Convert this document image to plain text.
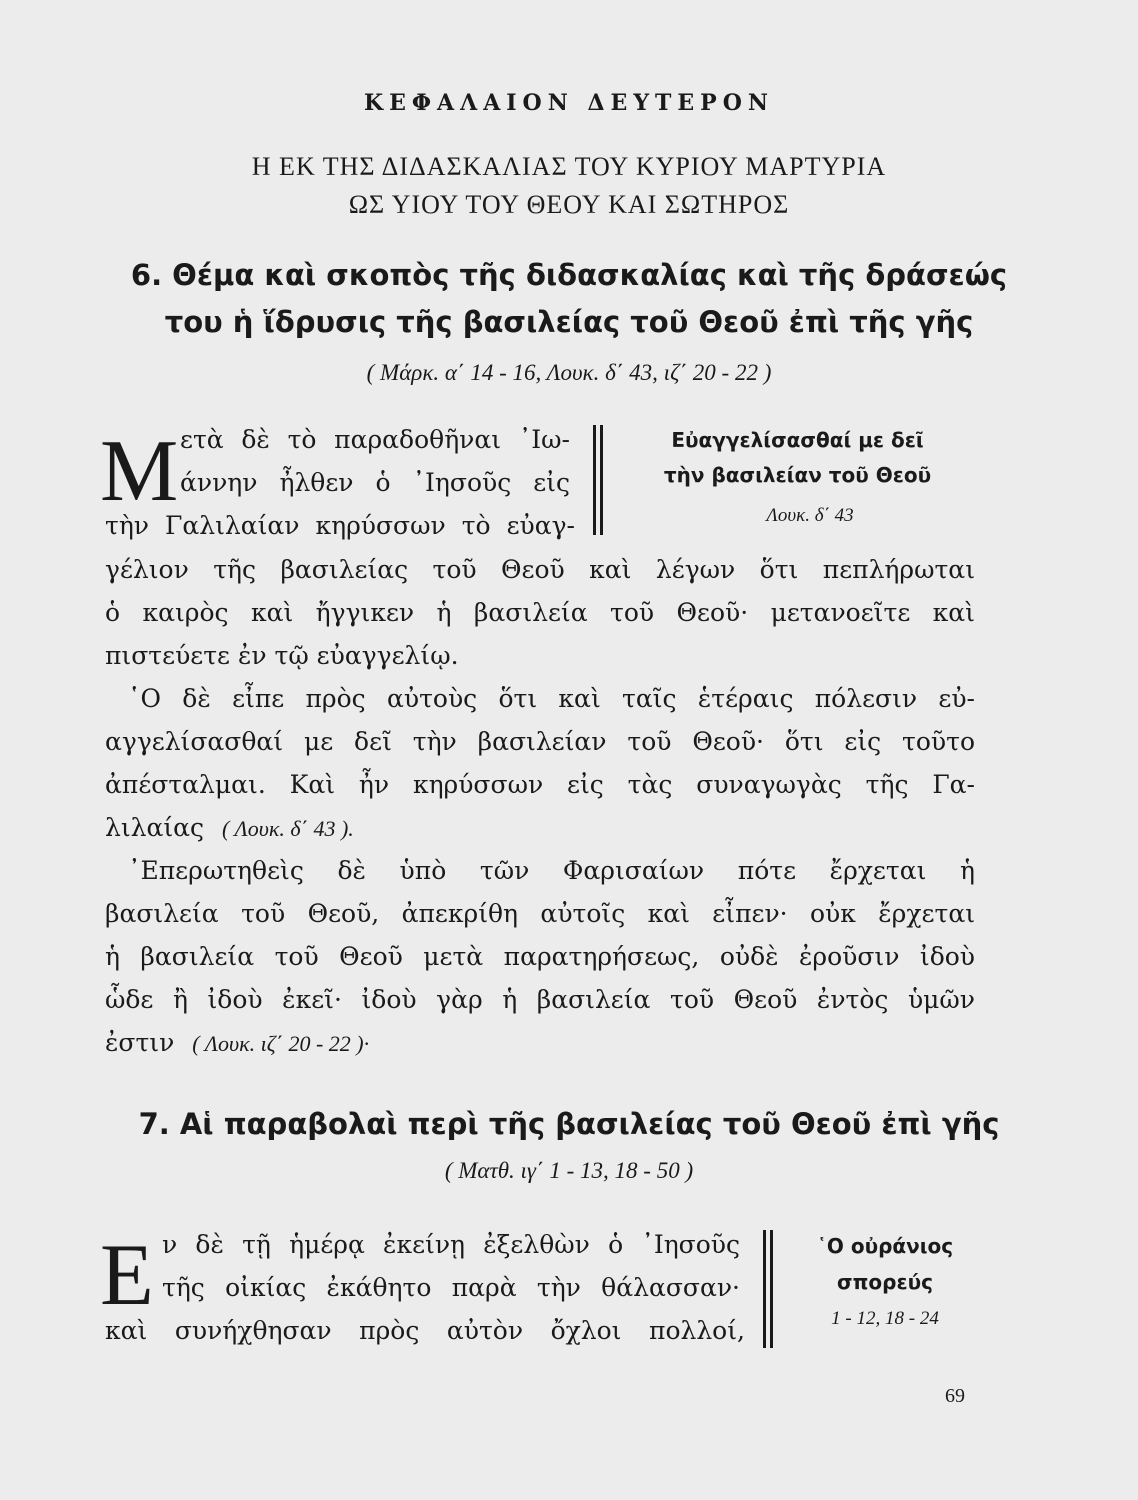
ΚΕΦΑΛΑΙΟΝ ΔΕΥΤΕΡΟΝ
Η ΕΚ ΤΗΣ ΔΙΔΑΣΚΑΛΙΑΣ ΤΟΥ ΚΥΡΙΟΥ ΜΑΡΤΥΡΙΑ
ΩΣ ΥΙΟΥ ΤΟΥ ΘΕΟΥ ΚΑΙ ΣΩΤΗΡΟΣ
6. Θέμα καὶ σκοπὸς τῆς διδασκαλίας καὶ τῆς δράσεώς
του ἡ ἵδρυσις τῆς βασιλείας τοῦ Θεοῦ ἐπὶ τῆς γῆς
( Μάρκ. α΄ 14 - 16, Λουκ. δ΄ 43, ιζ΄ 20 - 22 )
Μ ετὰ δὲ τὸ παραδοθῆναι ᾽Ιω-
άννην ἦλθεν ὁ ᾽Ιησοῦς εἰς
τὴν Γαλιλαίαν κηρύσσων τὸ εὐαγ-
Εὐαγγελίσασθαί με δεῖ
τὴν βασιλείαν τοῦ Θεοῦ
Λουκ. δ΄ 43
γέλιον τῆς βασιλείας τοῦ Θεοῦ καὶ λέγων ὅτι πεπλήρωται
ὁ καιρὸς καὶ ἤγγικεν ἡ βασιλεία τοῦ Θεοῦ· μετανοεῖτε καὶ
πιστεύετε ἐν τῷ εὐαγγελίῳ.
῾Ο δὲ εἶπε πρὸς αὐτοὺς ὅτι καὶ ταῖς ἑτέραις πόλεσιν εὐ-
αγγελίσασθαί με δεῖ τὴν βασιλείαν τοῦ Θεοῦ· ὅτι εἰς τοῦτο
ἀπέσταλμαι. Καὶ ἦν κηρύσσων εἰς τὰς συναγωγὰς τῆς Γα-
λιλαίας ( Λουκ. δ΄ 43 ).
᾽Επερωτηθεὶς δὲ ὑπὸ τῶν Φαρισαίων πότε ἔρχεται ἡ
βασιλεία τοῦ Θεοῦ, ἀπεκρίθη αὐτοῖς καὶ εἶπεν· οὐκ ἔρχεται
ἡ βασιλεία τοῦ Θεοῦ μετὰ παρατηρήσεως, οὐδὲ ἐροῦσιν ἰδοὺ
ὧδε ἢ ἰδοὺ ἐκεῖ· ἰδοὺ γὰρ ἡ βασιλεία τοῦ Θεοῦ ἐντὸς ὑμῶν
ἐστιν ( Λουκ. ιζ΄ 20 - 22 )·
7. Αἱ παραβολαὶ περὶ τῆς βασιλείας τοῦ Θεοῦ ἐπὶ γῆς
( Ματθ. ιγ΄ 1 - 13, 18 - 50 )
Ε ν δὲ τῇ ἡμέρᾳ ἐκείνῃ ἐξελθὼν ὁ ᾽Ιησοῦς
τῆς οἰκίας ἐκάθητο παρὰ τὴν θάλασσαν·
καὶ συνήχθησαν πρὸς αὐτὸν ὄχλοι πολλοί,
῾Ο οὐράνιος
σπορεύς
1 - 12, 18 - 24
69
